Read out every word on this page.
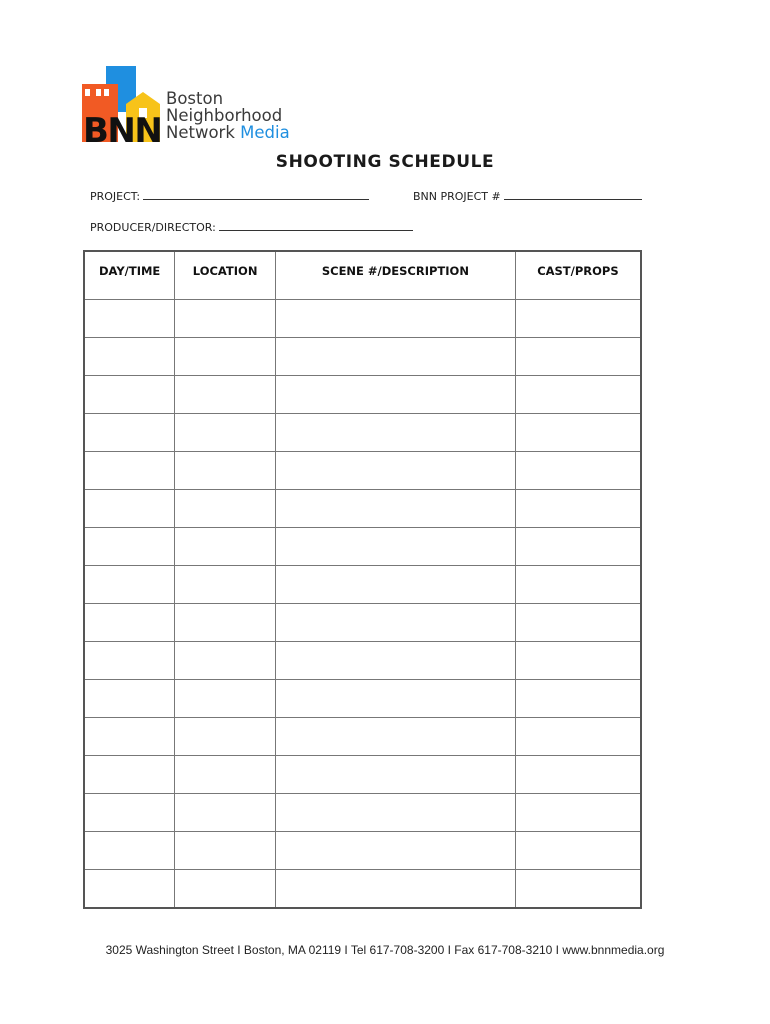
BNN
Boston
Neighborhood
Network Media
SHOOTING SCHEDULE
PROJECT:	BNN PROJECT #
PRODUCER/DIRECTOR:
DAY/TIME	LOCATION	SCENE #/DESCRIPTION	CAST/PROPS

3025 Washington Street I Boston, MA 02119 I Tel 617-708-3200 I Fax 617-708-3210 I www.bnnmedia.org
